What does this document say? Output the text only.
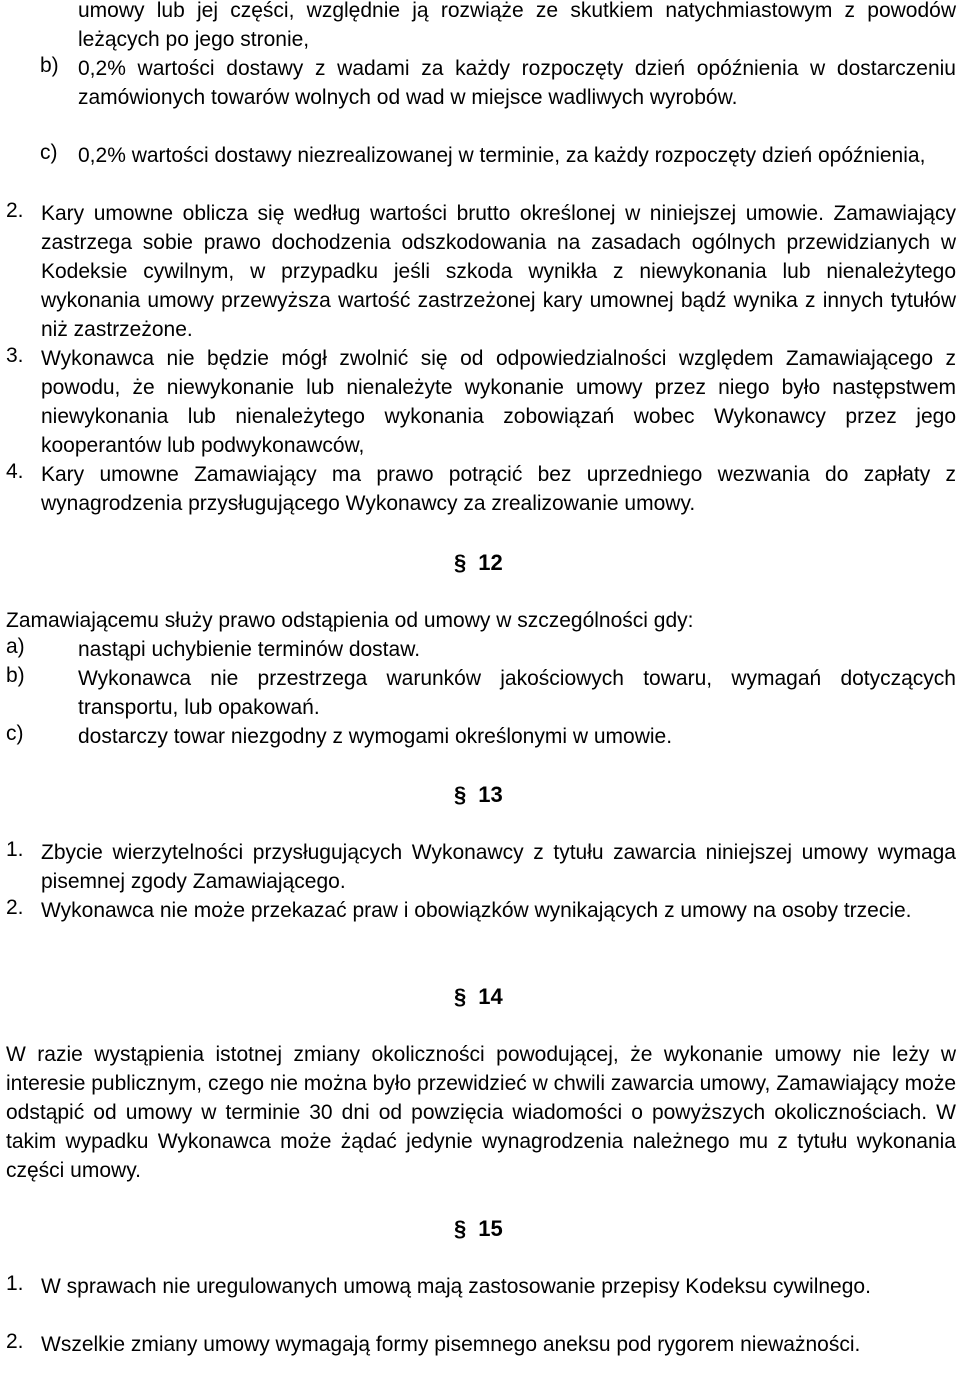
umowy lub jej części, względnie ją rozwiąże ze skutkiem natychmiastowym z powodów leżących po jego stronie,

b) 0,2% wartości dostawy z wadami za każdy rozpoczęty dzień opóźnienia w dostarczeniu zamówionych towarów wolnych od wad w miejsce wadliwych wyrobów.

c) 0,2% wartości dostawy niezrealizowanej w terminie, za każdy rozpoczęty dzień opóźnienia,

2. Kary umowne oblicza się według wartości brutto określonej w niniejszej umowie. Zamawiający zastrzega sobie prawo dochodzenia odszkodowania na zasadach ogólnych przewidzianych w Kodeksie cywilnym, w przypadku jeśli szkoda wynikła z niewykonania lub nienależytego wykonania umowy przewyższa wartość zastrzeżonej kary umownej bądź wynika z innych tytułów niż zastrzeżone.

3. Wykonawca nie będzie mógł zwolnić się od odpowiedzialności względem Zamawiającego z powodu, że niewykonanie lub nienależyte wykonanie umowy przez niego było następstwem niewykonania lub nienależytego wykonania zobowiązań wobec Wykonawcy przez jego kooperantów lub podwykonawców,

4. Kary umowne Zamawiający ma prawo potrącić bez uprzedniego wezwania do zapłaty z wynagrodzenia przysługującego Wykonawcy za zrealizowanie umowy.

§ 12

Zamawiającemu służy prawo odstąpienia od umowy w szczególności gdy:

a)	nastąpi uchybienie terminów dostaw.

b)	Wykonawca nie przestrzega warunków jakościowych towaru, wymagań dotyczących transportu, lub opakowań.

c)	dostarczy towar niezgodny z wymogami określonymi w umowie.

§ 13
1. Zbycie wierzytelności przysługujących Wykonawcy z tytułu zawarcia niniejszej umowy wymaga pisemnej zgody Zamawiającego.

2. Wykonawca nie może przekazać praw i obowiązków wynikających z umowy na osoby trzecie.

§ 14

W razie wystąpienia istotnej zmiany okoliczności powodującej, że wykonanie umowy nie leży w interesie publicznym, czego nie można było przewidzieć w chwili zawarcia umowy, Zamawiający może odstąpić od umowy w terminie 30 dni od powzięcia wiadomości o powyższych okolicznościach. W takim wypadku Wykonawca może żądać jedynie wynagrodzenia należnego mu z tytułu wykonania części umowy.

§ 15
1. W sprawach nie uregulowanych umową mają zastosowanie przepisy Kodeksu cywilnego.

2. Wszelkie zmiany umowy wymagają formy pisemnego aneksu pod rygorem nieważności.
